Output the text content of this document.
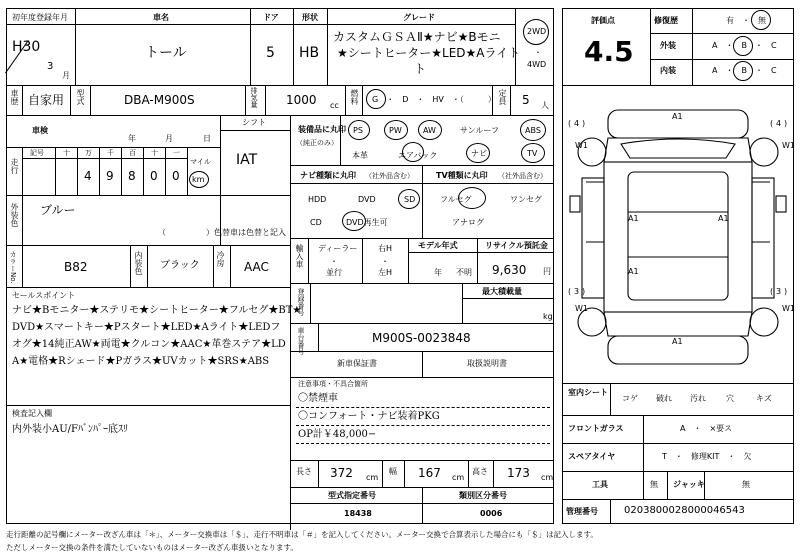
初年度登録年月
H30
3
月
車名
トール
ドア
5
形状
HB
グレード
カスタムＧＳＡⅡ★ナビ★Bモニ
★シートヒーター★LED★Aライト
ト
2WD
・
4WD
車歴 自家用 型式	DBA-M900S	排気量 1000 cc
燃料 G　・　D　・　HV　・（　　　） 定員 5 人
車検
年	月	日
シフト
IAT
走行
記号	十 万 千 百 十 一
4 9 8 0 0
マイル
km
外装色 ブルー
（　　　　　）色替車は色替と記入
カラーNo.	B82	内装色 ブラック 冷房 AAC
セールスポイント
ナビ★Bモニター★ステリモ★シートヒーター★フルセグ★BT★
DVD★スマートキー★Pスタート★LED★Aライト★LEDフ
オグ★14純正AW★両電★クルコン★AAC★革巻ステア★LD
A★電格★Rシェード★Pガラス★UVカット★SRS★ABS
検査記入欄
内外装小AU/Fﾊﾞﾝﾊﾟｰ底ｽﾘ
装備品に丸印
（純正のみ）
PS	PW	AW	サンルーフ	ABS
本革	エアバック	ナビ	TV
ナビ種類に丸印 （社外品含む）	TV種類に丸印 （社外品含む）
HDD	DVD	SD
CD	DVD再生可
フルセグ	ワンセグ
アナログ
輸入車 ディーラー
・
並行
右H
・
左H
モデル年式
年 不明
リサイクル預託金
9,630 円
登録番号	最大積載量
kg
車台番号	M900S-0023848
新車保証書	取扱説明書
注意事項・不具合箇所
〇禁煙車
〇コンフォート・ナビ装着PKG
OP計￥48,000−
長さ 372 cm
幅 167 cm
高さ 173 cm
型式指定番号
18438
類別区分番号
0006
評価点
4.5
修復歴	有　・　無
外装	A　・　B　・　C
内装	A　・　B　・　C
( 4 )	( 4 )
( 3 )	( 3 )
A1
A1	A1
A1
A1
W1	W1
W1	W1
室内シート
コゲ 破れ 汚れ	穴	キズ
フロントガラス	A　・　×要ス
スペアタイヤ	T　・　修理KIT　・　欠
工具	無 ジャッキ	無
管理番号	020380002800004654​3
走行距離の記号欄にメーター改ざん車は「＊」、メーター交換車は「＄」、走行不明車は「＃」を記入してください。メーター交換で合算表示した場合にも「＄」は記入します。
ただしメーター交換の条件を満たしていないものはメーター改ざん車扱いとなります。
